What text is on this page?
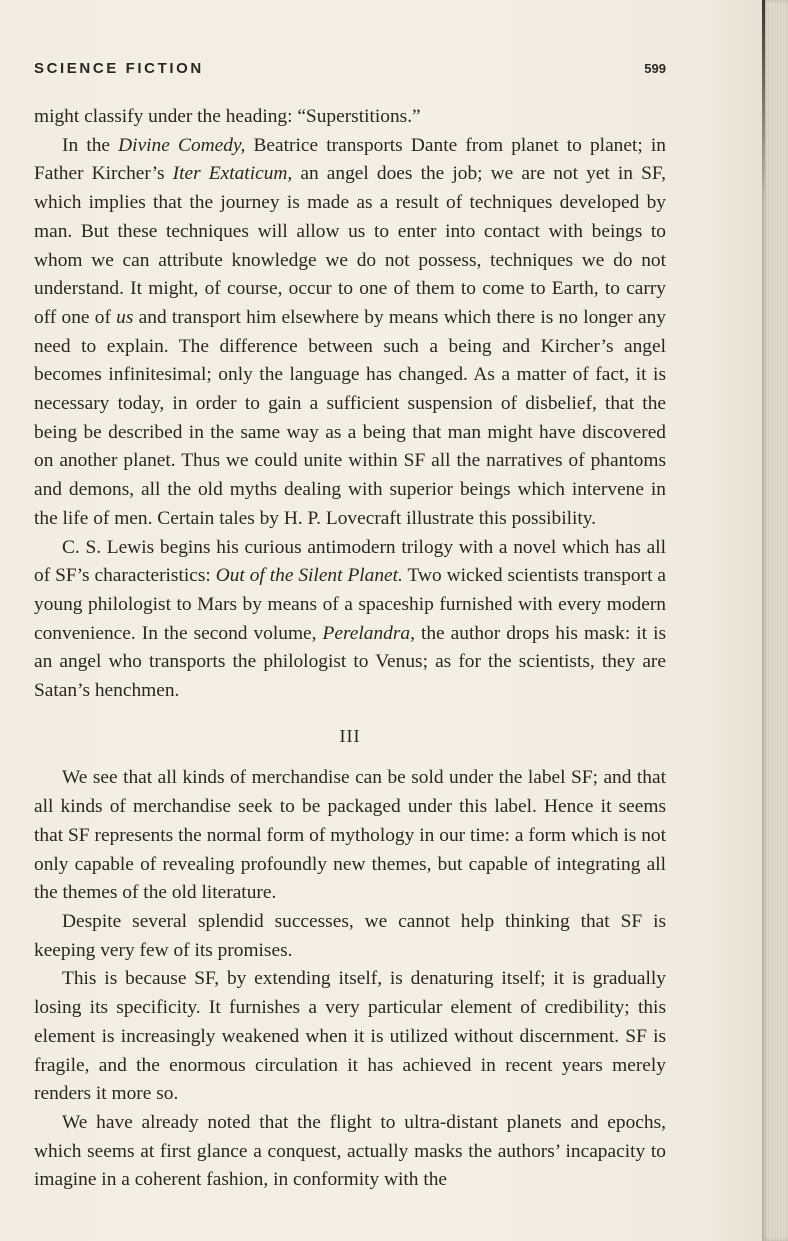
SCIENCE FICTION	599

might classify under the heading: “Superstitions.”

In the Divine Comedy, Beatrice transports Dante from planet to planet; in Father Kircher’s Iter Extaticum, an angel does the job; we are not yet in SF, which implies that the journey is made as a result of techniques developed by man. But these techniques will allow us to enter into contact with beings to whom we can attribute knowledge we do not possess, techniques we do not understand. It might, of course, occur to one of them to come to Earth, to carry off one of us and transport him elsewhere by means which there is no longer any need to explain. The difference between such a being and Kircher’s angel becomes infinitesimal; only the language has changed. As a matter of fact, it is necessary today, in order to gain a sufficient suspension of disbelief, that the being be described in the same way as a being that man might have discovered on another planet. Thus we could unite within SF all the narratives of phantoms and demons, all the old myths dealing with superior beings which intervene in the life of men. Certain tales by H. P. Lovecraft illustrate this possibility.

C. S. Lewis begins his curious antimodern trilogy with a novel which has all of SF’s characteristics: Out of the Silent Planet. Two wicked scientists transport a young philologist to Mars by means of a spaceship furnished with every modern convenience. In the second volume, Perelandra, the author drops his mask: it is an angel who transports the philologist to Venus; as for the scientists, they are Satan’s henchmen.

III

We see that all kinds of merchandise can be sold under the label SF; and that all kinds of merchandise seek to be packaged under this label. Hence it seems that SF represents the normal form of mythology in our time: a form which is not only capable of revealing profoundly new themes, but capable of integrating all the themes of the old literature.

Despite several splendid successes, we cannot help thinking that SF is keeping very few of its promises.

This is because SF, by extending itself, is denaturing itself; it is gradually losing its specificity. It furnishes a very particular element of credibility; this element is increasingly weakened when it is utilized without discernment. SF is fragile, and the enormous circulation it has achieved in recent years merely renders it more so.

We have already noted that the flight to ultra-distant planets and epochs, which seems at first glance a conquest, actually masks the authors’ incapacity to imagine in a coherent fashion, in conformity with the
